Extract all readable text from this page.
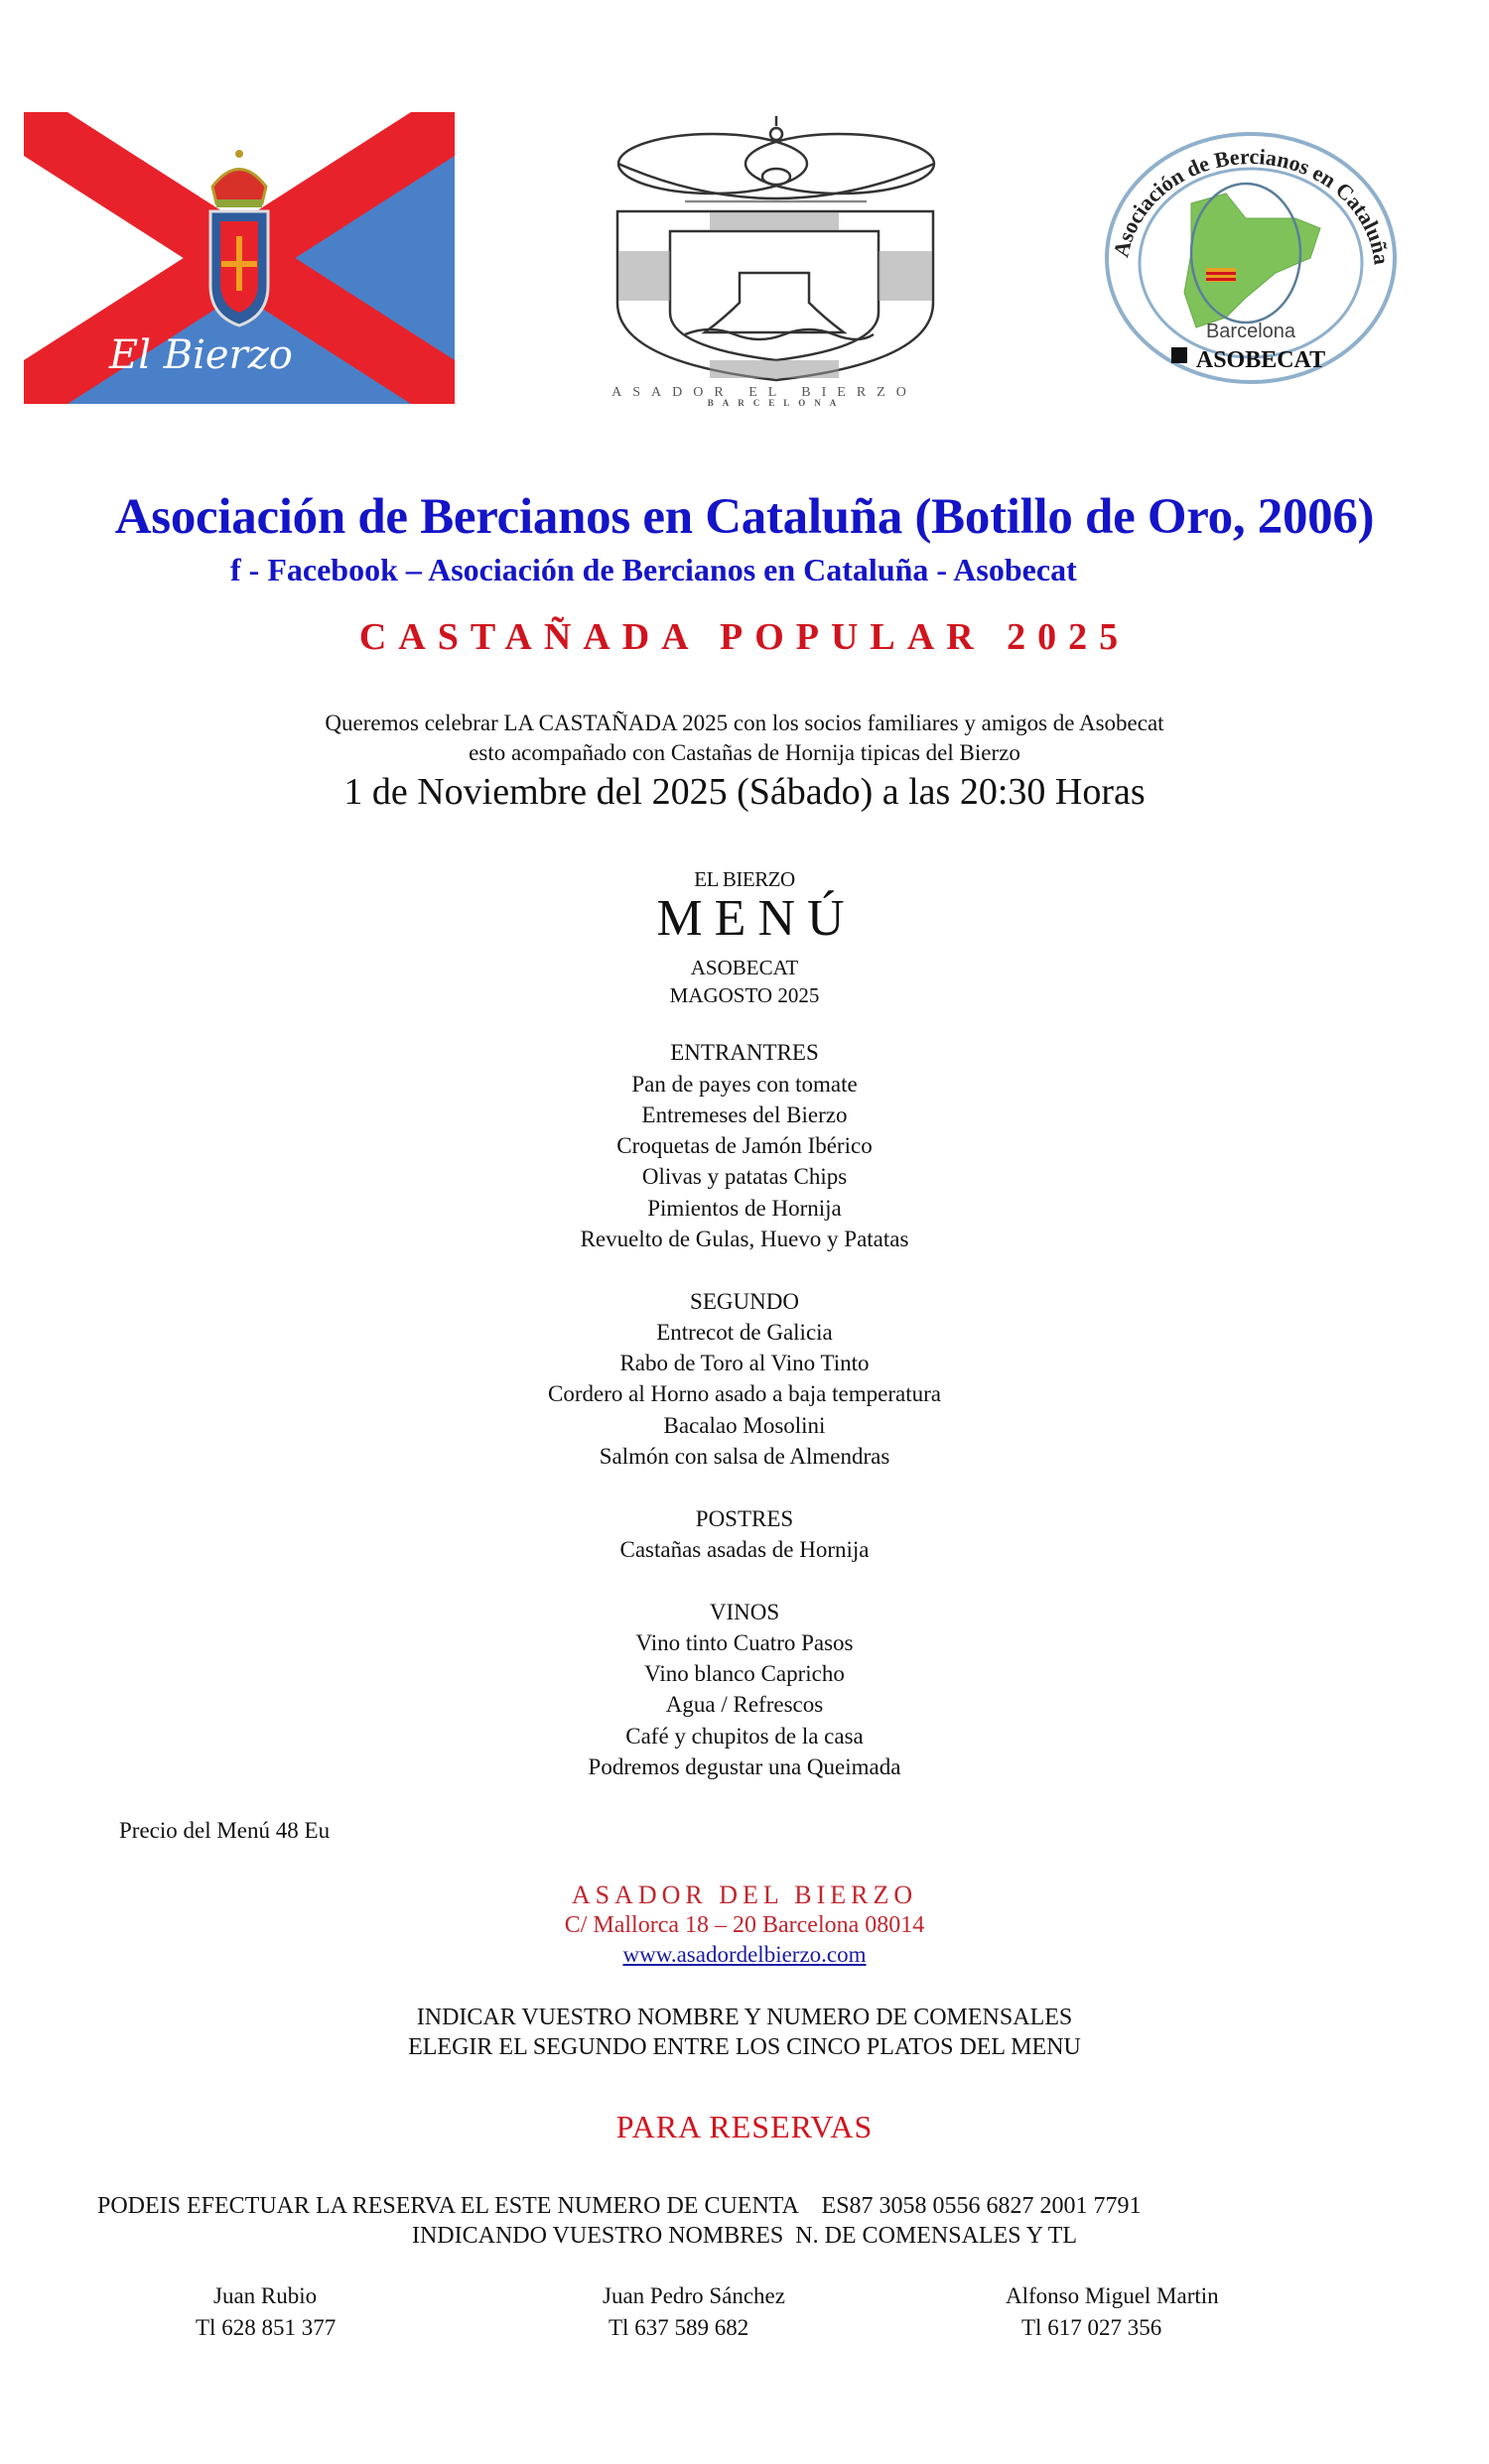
El Bierzo
ASADOR EL BIERZO
BARCELONA
Asociación de Bercianos en Cataluña
Barcelona
ASOBECAT
Asociación de Bercianos en Cataluña (Botillo de Oro, 2006)
f - Facebook – Asociación de Bercianos en Cataluña - Asobecat
CASTAÑADA POPULAR 2025
Queremos celebrar LA CASTAÑADA 2025 con los socios familiares y amigos de Asobecat
esto acompañado con Castañas de Hornija tipicas del Bierzo
1 de Noviembre del 2025 (Sábado) a las 20:30 Horas
EL BIERZO
MENÚ
ASOBECAT
MAGOSTO 2025
ENTRANTRES
Pan de payes con tomate
Entremeses del Bierzo
Croquetas de Jamón Ibérico
Olivas y patatas Chips
Pimientos de Hornija
Revuelto de Gulas, Huevo y Patatas
SEGUNDO
Entrecot de Galicia
Rabo de Toro al Vino Tinto
Cordero al Horno asado a baja temperatura
Bacalao Mosolini
Salmón con salsa de Almendras
POSTRES
Castañas asadas de Hornija
VINOS
Vino tinto Cuatro Pasos
Vino blanco Capricho
Agua / Refrescos
Café y chupitos de la casa
Podremos degustar una Queimada
Precio del Menú 48 Eu
ASADOR DEL BIERZO
C/ Mallorca 18 – 20 Barcelona 08014
www.asadordelbierzo.com
INDICAR VUESTRO NOMBRE Y NUMERO DE COMENSALES
ELEGIR EL SEGUNDO ENTRE LOS CINCO PLATOS DEL MENU
PARA RESERVAS
PODEIS EFECTUAR LA RESERVA EL ESTE NUMERO DE CUENTA    ES87 3058 0556 6827 2001 7791
INDICANDO VUESTRO NOMBRES  N. DE COMENSALES Y TL
Juan Rubio
Tl 628 851 377
Juan Pedro Sánchez
Tl 637 589 682
Alfonso Miguel Martin
Tl 617 027 356
